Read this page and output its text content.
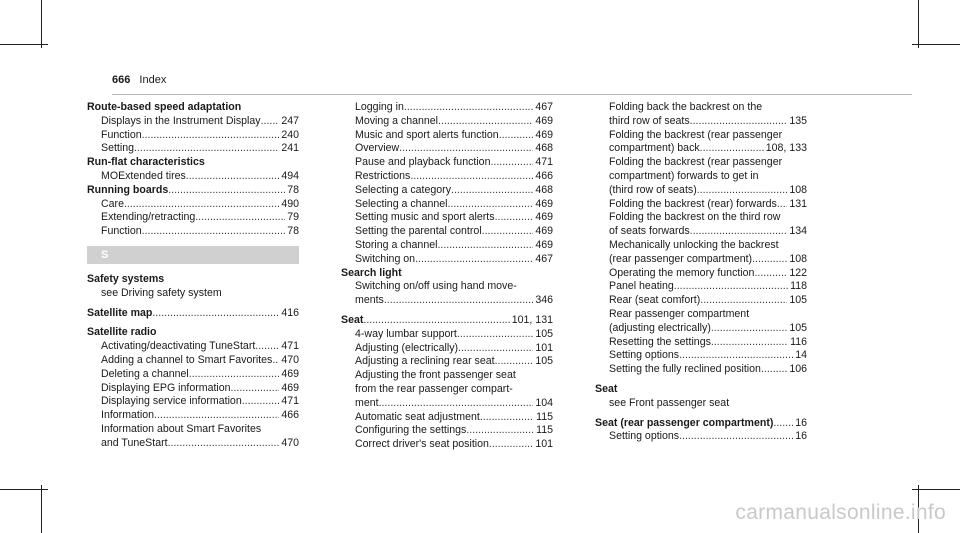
666 Index
Route-based speed adaptation
Displays in the Instrument Display ..... 247
Function .....	240
Setting .....	241
Run-flat characteristics
MOExtended tires .....	494
Running boards .....	78
Care .....	490
Extending/retracting .....	79
Function .....	78
S
Safety systems
see Driving safety system
Satellite map .....	416
Satellite radio
Activating/deactivating TuneStart ..... 471
Adding a channel to Smart Favorites ..... 470
Deleting a channel .....	469
Displaying EPG information .....	469
Displaying service information .....	471
Information .....	466
Information about Smart Favorites
and TuneStart .....	470
Logging in .....	467
Moving a channel .....	469
Music and sport alerts function .....	469
Overview .....	468
Pause and playback function .....	471
Restrictions .....	466
Selecting a category .....	468
Selecting a channel .....	469
Setting music and sport alerts .....	469
Setting the parental control .....	469
Storing a channel .....	469
Switching on .....	467
Search light
Switching on/off using hand move-
ments .....	346
Seat .....	101, 131
4-way lumbar support .....	105
Adjusting (electrically) .....	101
Adjusting a reclining rear seat .....	105
Adjusting the front passenger seat
from the rear passenger compart-
ment .....	104
Automatic seat adjustment .....	115
Configuring the settings .....	115
Correct driver's seat position .....	101
Folding back the backrest on the
third row of seats .....	135
Folding the backrest (rear passenger
compartment) back .....	108, 133
Folding the backrest (rear passenger
compartment) forwards to get in
(third row of seats) .....	108
Folding the backrest (rear) forwards ..... 131
Folding the backrest on the third row
of seats forwards .....	134
Mechanically unlocking the backrest
(rear passenger compartment) .....	108
Operating the memory function .....	122
Panel heating .....	118
Rear (seat comfort) .....	105
Rear passenger compartment
(adjusting electrically) .....	105
Resetting the settings .....	116
Setting options .....	14
Setting the fully reclined position .....	106
Seat
see Front passenger seat
Seat (rear passenger compartment) ..... 16
Setting options .....	16
carmanualsonline.info
